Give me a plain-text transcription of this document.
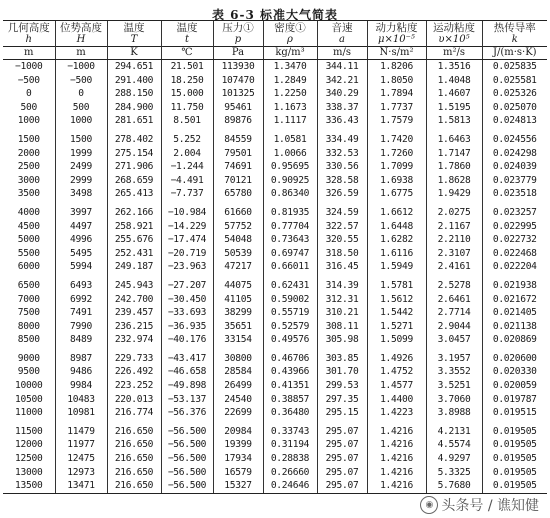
表 6-3 标准大气简表
几何高度	位势高度	温度	温度	压力①	密度①	音速	动力粘度	运动粘度	热传导率
h	H	T	t	p	ρ	a	μ×10⁻⁵	υ×10⁵	k
m	m	K	℃	Pa	kg/m³	m/s	N·s/m²	m²/s	J/(m·s·K)
−1000	−1000	294.651	21.501	113930	1.3470	344.11	1.8206	1.3516	0.025835
−500	−500	291.400	18.250	107470	1.2849	342.21	1.8050	1.4048	0.025581
0	0	288.150	15.000	101325	1.2250	340.29	1.7894	1.4607	0.025326
500	500	284.900	11.750	95461	1.1673	338.37	1.7737	1.5195	0.025070
1000	1000	281.651	8.501	89876	1.1117	336.43	1.7579	1.5813	0.024813
1500	1500	278.402	5.252	84559	1.0581	334.49	1.7420	1.6463	0.024556
2000	1999	275.154	2.004	79501	1.0066	332.53	1.7260	1.7147	0.024298
2500	2499	271.906	−1.244	74691	0.95695	330.56	1.7099	1.7860	0.024039
3000	2999	268.659	−4.491	70121	0.90925	328.58	1.6938	1.8628	0.023779
3500	3498	265.413	−7.737	65780	0.86340	326.59	1.6775	1.9429	0.023518
4000	3997	262.166	−10.984	61660	0.81935	324.59	1.6612	2.0275	0.023257
4500	4497	258.921	−14.229	57752	0.77704	322.57	1.6448	2.1167	0.022995
5000	4996	255.676	−17.474	54048	0.73643	320.55	1.6282	2.2110	0.022732
5500	5495	252.431	−20.719	50539	0.69747	318.50	1.6116	2.3107	0.022468
6000	5994	249.187	−23.963	47217	0.66011	316.45	1.5949	2.4161	0.022204
6500	6493	245.943	−27.207	44075	0.62431	314.39	1.5781	2.5278	0.021938
7000	6992	242.700	−30.450	41105	0.59002	312.31	1.5612	2.6461	0.021672
7500	7491	239.457	−33.693	38299	0.55719	310.21	1.5442	2.7714	0.021405
8000	7990	236.215	−36.935	35651	0.52579	308.11	1.5271	2.9044	0.021138
8500	8489	232.974	−40.176	33154	0.49576	305.98	1.5099	3.0457	0.020869
9000	8987	229.733	−43.417	30800	0.46706	303.85	1.4926	3.1957	0.020600
9500	9486	226.492	−46.658	28584	0.43966	301.70	1.4752	3.3552	0.020330
10000	9984	223.252	−49.898	26499	0.41351	299.53	1.4577	3.5251	0.020059
10500	10483	220.013	−53.137	24540	0.38857	297.35	1.4400	3.7060	0.019787
11000	10981	216.774	−56.376	22699	0.36480	295.15	1.4223	3.8988	0.019515
11500	11479	216.650	−56.500	20984	0.33743	295.07	1.4216	4.2131	0.019505
12000	11977	216.650	−56.500	19399	0.31194	295.07	1.4216	4.5574	0.019505
12500	12475	216.650	−56.500	17934	0.28838	295.07	1.4216	4.9297	0.019505
13000	12973	216.650	−56.500	16579	0.26660	295.07	1.4216	5.3325	0.019505
13500	13471	216.650	−56.500	15327	0.24646	295.07	1.4216	5.7680	0.019505
◉ 头条号 / 谯知健
